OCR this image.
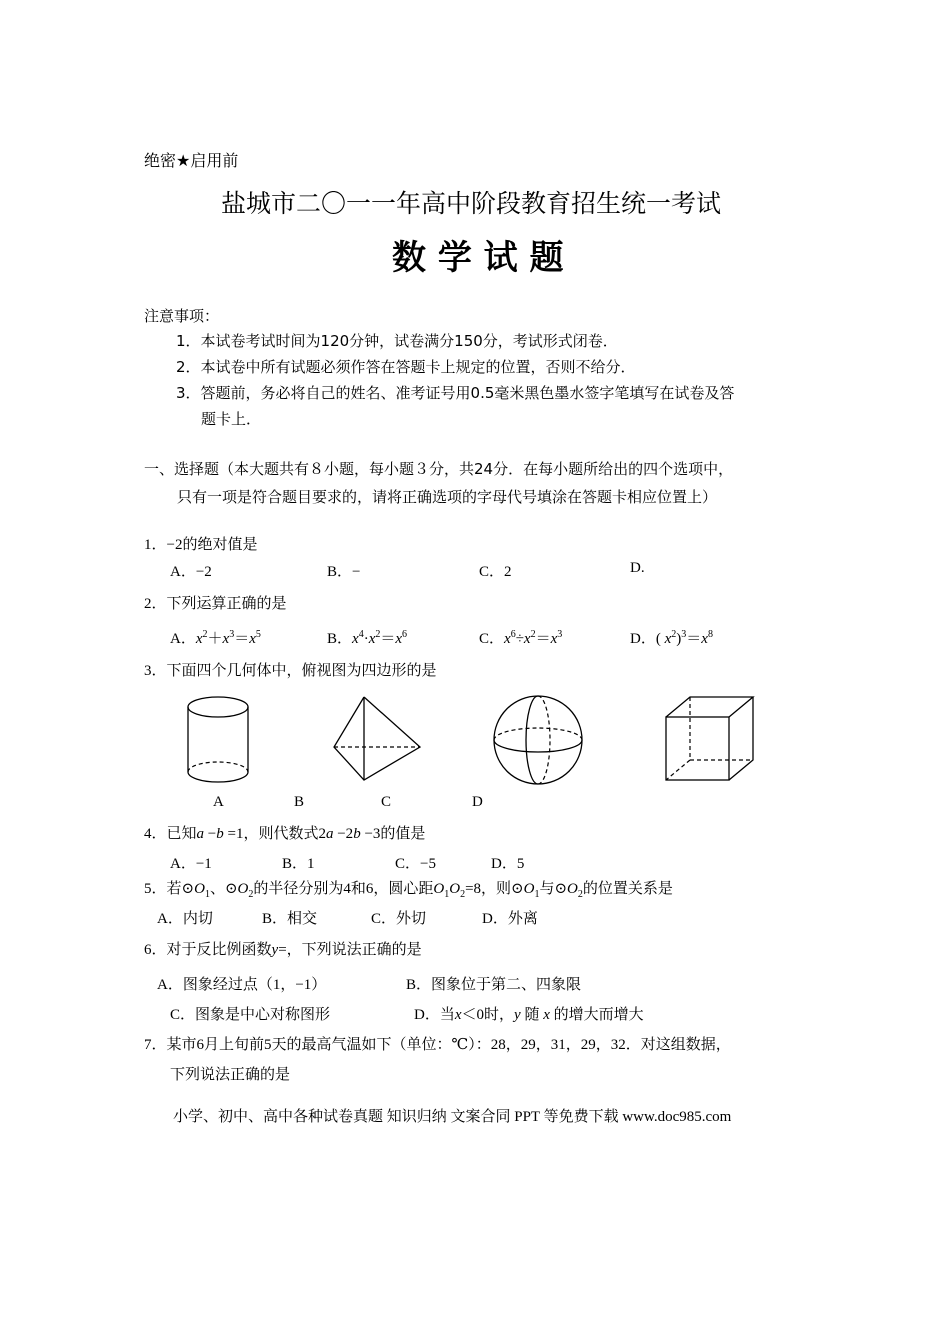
绝密★启用前
盐城市二〇一一年高中阶段教育招生统一考试
数 学 试 题
注意事项：
1．本试卷考试时间为120分钟，试卷满分150分，考试形式闭卷．
2．本试卷中所有试题必须作答在答题卡上规定的位置，否则不给分．
3．答题前，务必将自己的姓名、准考证号用0.5毫米黑色墨水签字笔填写在试卷及答
题卡上．
一、选择题（本大题共有８小题，每小题３分，共24分．在每小题所给出的四个选项中，
只有一项是符合题目要求的，请将正确选项的字母代号填涂在答题卡相应位置上）
1．−2的绝对值是
A．−2	B．−	C．2	D.
2．下列运算正确的是
A．$x^2+x^3=x^5$	B．$x^4\cdot x^2=x^6$	C．$x^6\div x^2=x^3$	D．( $x^2)^3=x^8$
3．下面四个几何体中，俯视图为四边形的是
A	B	C	D
4．已知a −b =1，则代数式2a −2b −3的值是
A．−1	B．1	C．−5	D．5
5．若$⊙O_1$、$⊙O_2$的半径分别为4和6，圆心距$O_1O_2=8$，则$⊙O_1$与$⊙O_2$的位置关系是
A．内切	B．相交	C．外切	D．外离
6．对于反比例函数y=，下列说法正确的是
A．图象经过点（1，−1）	B．图象位于第二、四象限
C．图象是中心对称图形	D．当x＜0时，y 随 x 的增大而增大
7．某市6月上旬前5天的最高气温如下（单位：℃）：28，29，31，29，32．对这组数据，
下列说法正确的是
小学、初中、高中各种试卷真题 知识归纳 文案合同 PPT 等免费下载 www.doc985.com
